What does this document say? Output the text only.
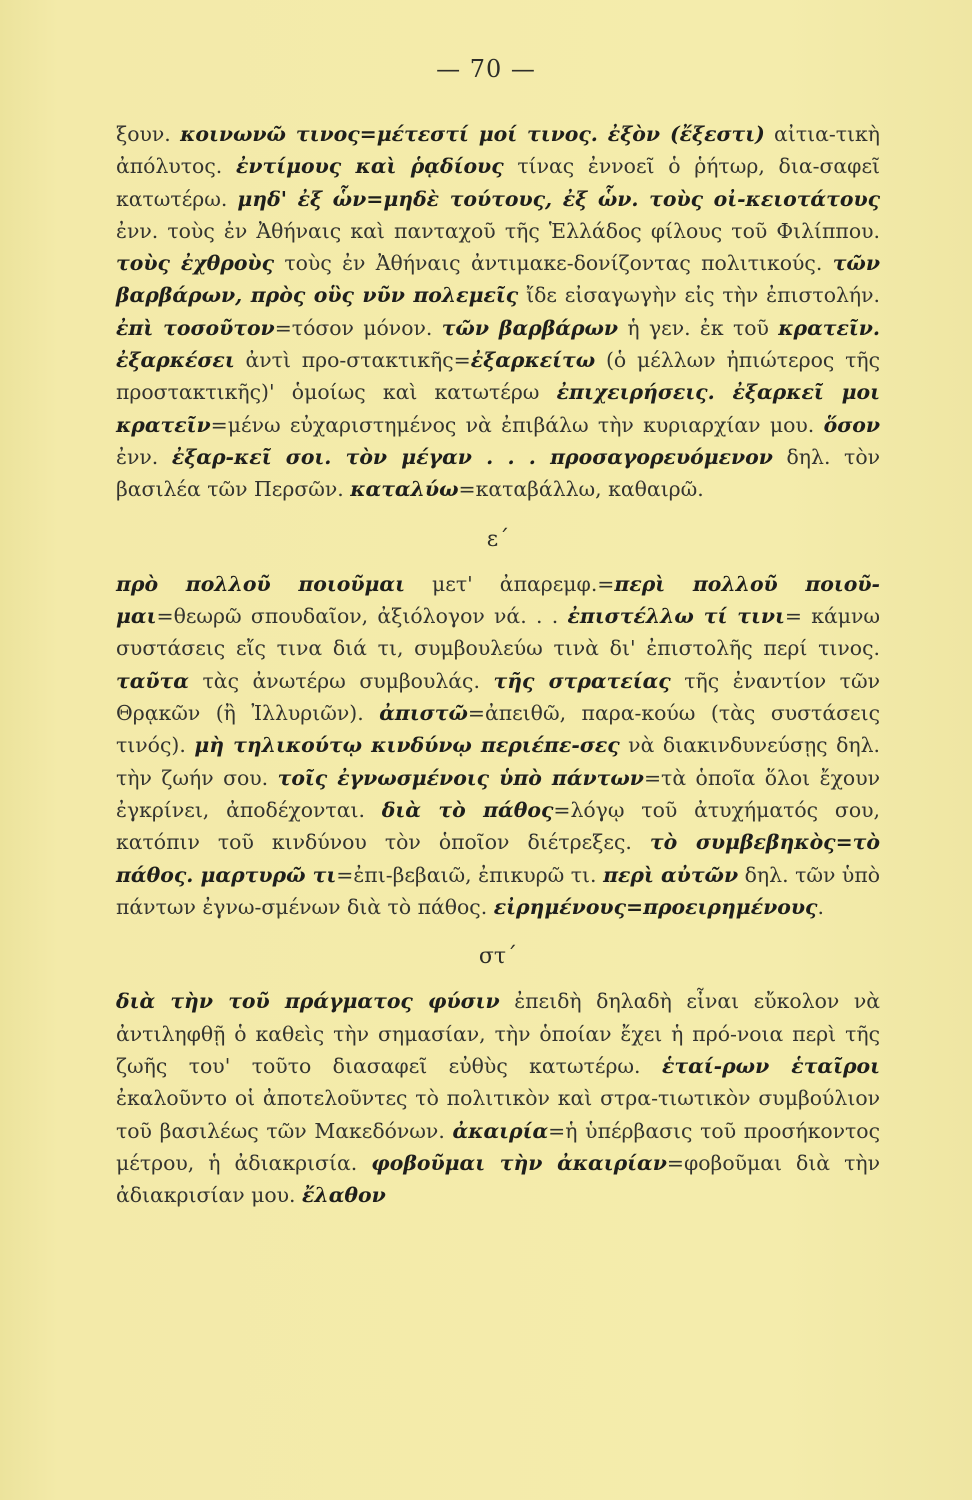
— 70 —

ξουν. κοινωνῶ τινος=μέτεστί μοί τινος. ἐξὸν (ἔξεστι) αἰτια-τικὴ ἀπόλυτος. ἐντίμους καὶ ῥᾳδίους τίνας ἐννοεῖ ὁ ῥήτωρ, δια-σαφεῖ κατωτέρω. μηδ' ἐξ ὧν=μηδὲ τούτους, ἐξ ὧν. τοὺς οἰ-κειοτάτους ἐνν. τοὺς ἐν Ἀθήναις καὶ πανταχοῦ τῆς Ἑλλάδος φίλους τοῦ Φιλίππου. τοὺς ἐχθροὺς τοὺς ἐν Ἀθήναις ἀντιμακε-δονίζοντας πολιτικούς. τῶν βαρβάρων, πρὸς οὓς νῦν πολεμεῖς ἴδε εἰσαγωγὴν εἰς τὴν ἐπιστολήν. ἐπὶ τοσοῦτον=τόσον μόνον. τῶν βαρβάρων ἡ γεν. ἐκ τοῦ κρατεῖν. ἐξαρκέσει ἀντὶ προ-στακτικῆς=ἐξαρκείτω (ὁ μέλλων ἠπιώτερος τῆς προστακτικῆς)' ὁμοίως καὶ κατωτέρω ἐπιχειρήσεις. ἐξαρκεῖ μοι κρατεῖν=μένω εὐχαριστημένος νὰ ἐπιβάλω τὴν κυριαρχίαν μου. ὅσον ἐνν. ἐξαρ-κεῖ σοι. τὸν μέγαν . . . προσαγορευόμενον δηλ. τὸν βασιλέα τῶν Περσῶν. καταλύω=καταβάλλω, καθαιρῶ.

ε΄

πρὸ πολλοῦ ποιοῦμαι μετ' ἀπαρεμφ.=περὶ πολλοῦ ποιοῦ-μαι=θεωρῶ σπουδαῖον, ἀξιόλογον νά. . . ἐπιστέλλω τί τινι= κάμνω συστάσεις εἴς τινα διά τι, συμβουλεύω τινὰ δι' ἐπιστολῆς περί τινος. ταῦτα τὰς ἀνωτέρω συμβουλάς. τῆς στρατείας τῆς ἐναντίον τῶν Θρᾳκῶν (ἢ Ἰλλυριῶν). ἀπιστῶ=ἀπειθῶ, παρα-κούω (τὰς συστάσεις τινός). μὴ τηλικούτῳ κινδύνῳ περιέπε-σες νὰ διακινδυνεύσῃς δηλ. τὴν ζωήν σου. τοῖς ἐγνωσμένοις ὑπὸ πάντων=τὰ ὁποῖα ὅλοι ἔχουν ἐγκρίνει, ἀποδέχονται. διὰ τὸ πάθος=λόγῳ τοῦ ἀτυχήματός σου, κατόπιν τοῦ κινδύνου τὸν ὁποῖον διέτρεξες. τὸ συμβεβηκὸς=τὸ πάθος. μαρτυρῶ τι=ἐπι-βεβαιῶ, ἐπικυρῶ τι. περὶ αὐτῶν δηλ. τῶν ὑπὸ πάντων ἐγνω-σμένων διὰ τὸ πάθος. εἰρημένους=προειρημένους.

στ΄

διὰ τὴν τοῦ πράγματος φύσιν ἐπειδὴ δηλαδὴ εἶναι εὔκολον νὰ ἀντιληφθῇ ὁ καθεὶς τὴν σημασίαν, τὴν ὁποίαν ἔχει ἡ πρό-νοια περὶ τῆς ζωῆς του' τοῦτο διασαφεῖ εὐθὺς κατωτέρω. ἑταί-ρων ἑταῖροι ἐκαλοῦντο οἱ ἀποτελοῦντες τὸ πολιτικὸν καὶ στρα-τιωτικὸν συμβούλιον τοῦ βασιλέως τῶν Μακεδόνων. ἀκαιρία=ἡ ὑπέρβασις τοῦ προσήκοντος μέτρου, ἡ ἀδιακρισία. φοβοῦμαι τὴν ἀκαιρίαν=φοβοῦμαι διὰ τὴν ἀδιακρισίαν μου. ἔλαθον
